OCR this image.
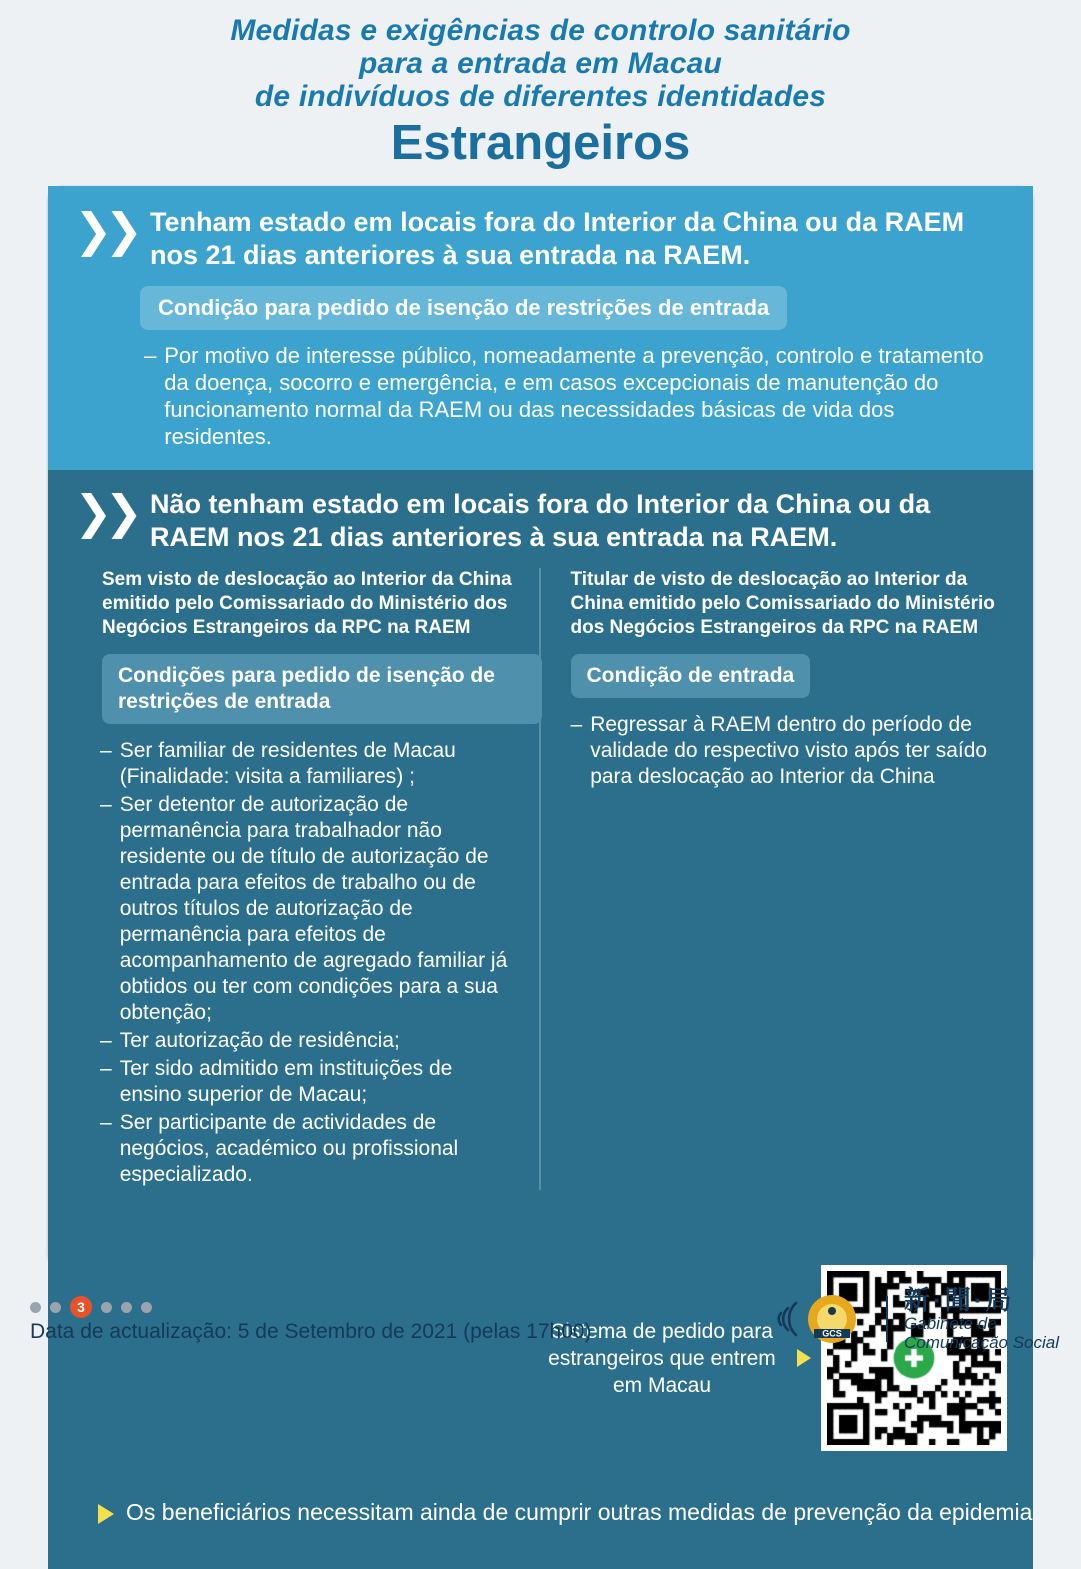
Medidas e exigências de controlo sanitário
para a entrada em Macau
de indivíduos de diferentes identidades
Estrangeiros
❯❯ Tenham estado em locais fora do Interior da China ou da RAEM nos 21 dias anteriores à sua entrada na RAEM.
Condição para pedido de isenção de restrições de entrada
– Por motivo de interesse público, nomeadamente a prevenção, controlo e tratamento da doença, socorro e emergência, e em casos excepcionais de manutenção do funcionamento normal da RAEM ou das necessidades básicas de vida dos residentes.
❯❯ Não tenham estado em locais fora do Interior da China ou da RAEM nos 21 dias anteriores à sua entrada na RAEM.
Sem visto de deslocação ao Interior da China emitido pelo Comissariado do Ministério dos Negócios Estrangeiros da RPC na RAEM
Condições para pedido de isenção de restrições de entrada
– Ser familiar de residentes de Macau (Finalidade: visita a familiares) ;
– Ser detentor de autorização de permanência para trabalhador não residente ou de título de autorização de entrada para efeitos de trabalho ou de outros títulos de autorização de permanência para efeitos de acompanhamento de agregado familiar já obtidos ou ter com condições para a sua obtenção;
– Ter autorização de residência;
– Ter sido admitido em instituições de ensino superior de Macau;
– Ser participante de actividades de negócios, académico ou profissional especializado.
Titular de visto de deslocação ao Interior da China emitido pelo Comissariado do Ministério dos Negócios Estrangeiros da RPC na RAEM
Condição de entrada
– Regressar à RAEM dentro do período de validade do respectivo visto após ter saído para deslocação ao Interior da China
Sistema de pedido para estrangeiros que entrem em Macau
Os beneficiários necessitam ainda de cumprir outras medidas de prevenção da epidemia
3
Data de actualização: 5 de Setembro de 2021 (pelas 17h00)	GCS
新·聞·局
Gabinete de
Comunicação Social
